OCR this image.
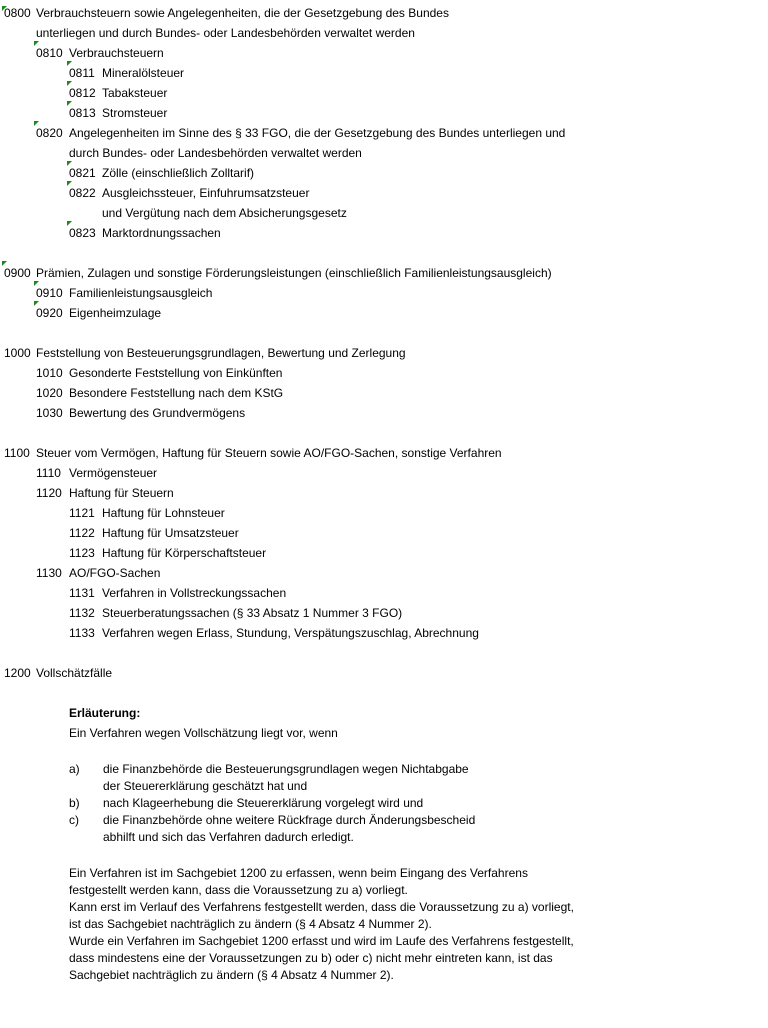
0800 Verbrauchsteuern sowie Angelegenheiten, die der Gesetzgebung des Bundes
unterliegen und durch Bundes- oder Landesbehörden verwaltet werden
0810 Verbrauchsteuern
0811 Mineralölsteuer
0812 Tabaksteuer
0813 Stromsteuer
0820 Angelegenheiten im Sinne des § 33 FGO, die der Gesetzgebung des Bundes unterliegen und
durch Bundes- oder Landesbehörden verwaltet werden
0821 Zölle (einschließlich Zolltarif)
0822 Ausgleichssteuer, Einfuhrumsatzsteuer
und Vergütung nach dem Absicherungsgesetz
0823 Marktordnungssachen
0900 Prämien, Zulagen und sonstige Förderungsleistungen (einschließlich Familienleistungsausgleich)
0910 Familienleistungsausgleich
0920 Eigenheimzulage
1000 Feststellung von Besteuerungsgrundlagen, Bewertung und Zerlegung
1010 Gesonderte Feststellung von Einkünften
1020 Besondere Feststellung nach dem KStG
1030 Bewertung des Grundvermögens
1100 Steuer vom Vermögen, Haftung für Steuern sowie AO/FGO-Sachen, sonstige Verfahren
1110 Vermögensteuer
1120 Haftung für Steuern
1121 Haftung für Lohnsteuer
1122 Haftung für Umsatzsteuer
1123 Haftung für Körperschaftsteuer
1130 AO/FGO-Sachen
1131 Verfahren in Vollstreckungssachen
1132 Steuerberatungssachen (§ 33 Absatz 1 Nummer 3 FGO)
1133 Verfahren wegen Erlass, Stundung, Verspätungszuschlag, Abrechnung
1200 Vollschätzfälle
Erläuterung:
Ein Verfahren wegen Vollschätzung liegt vor, wenn
a) die Finanzbehörde die Besteuerungsgrundlagen wegen Nichtabgabe
der Steuererklärung geschätzt hat und
b) nach Klageerhebung die Steuererklärung vorgelegt wird und
c) die Finanzbehörde ohne weitere Rückfrage durch Änderungsbescheid
abhilft und sich das Verfahren dadurch erledigt.
Ein Verfahren ist im Sachgebiet 1200 zu erfassen, wenn beim Eingang des Verfahrens
festgestellt werden kann, dass die Voraussetzung zu a) vorliegt.
Kann erst im Verlauf des Verfahrens festgestellt werden, dass die Voraussetzung zu a) vorliegt,
ist das Sachgebiet nachträglich zu ändern (§ 4 Absatz 4 Nummer 2).
Wurde ein Verfahren im Sachgebiet 1200 erfasst und wird im Laufe des Verfahrens festgestellt,
dass mindestens eine der Voraussetzungen zu b) oder c) nicht mehr eintreten kann, ist das
Sachgebiet nachträglich zu ändern (§ 4 Absatz 4 Nummer 2).
